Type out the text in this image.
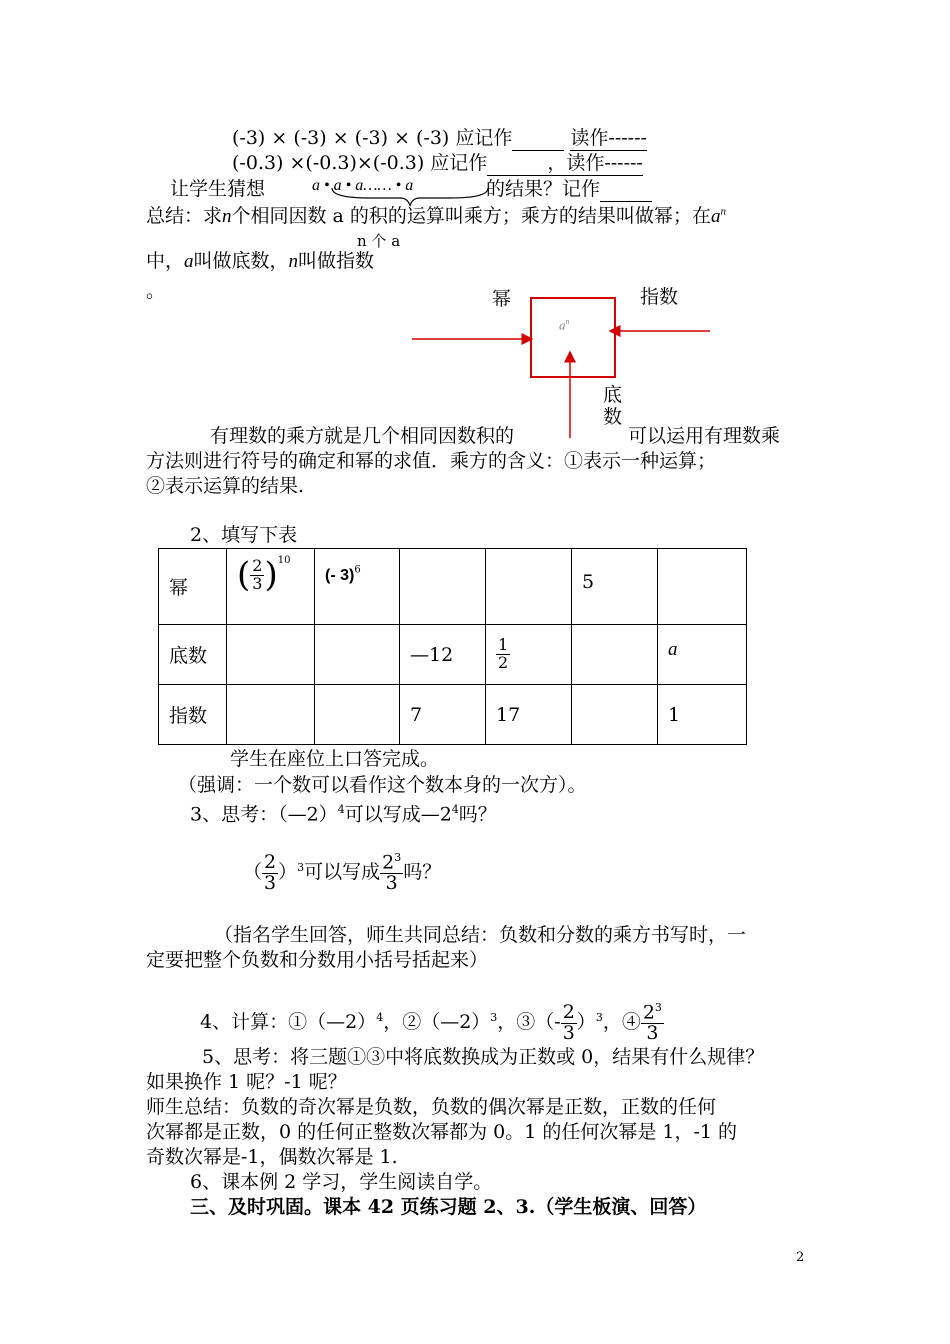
(-3) × (-3) × (-3) × (-3) 应记作	读作------
(-0.3) ×(-0.3)×(-0.3) 应记作	，读作------
让学生猜想	a • a • a…… • a	的结果？记作
总结：求n个相同因数 a 的积的运算叫乘方；乘方的结果叫做幂；在$a^n$
n 个 a
中，a叫做底数，n叫做指数
。	幂	指数
$a^n$
底数
有理数的乘方就是几个相同因数积的	可以运用有理数乘
方法则进行符号的确定和幂的求值．乘方的含义：①表示一种运算；
②表示运算的结果.
2、填写下表
幂	( $\frac{2}{3} )^{10}$	(- 3)$^6$			5	
底数			—12	$\frac{1}{2}$		a
指数			7	17		1
学生在座位上口答完成。
（强调：一个数可以看作这个数本身的一次方）。
3、思考：（—2）$^4$可以写成$—2^4$吗？
（ $\frac{2}{3} )^3$可以写成 $\frac{2^3}{3}$ 吗？
（指名学生回答，师生共同总结：负数和分数的乘方书写时，一
定要把整个负数和分数用小括号括起来）
4、计算：①（—2）$^4$，②（—2）$^3$，③（- $\frac{2}{3} )^3$，④ $\frac{2^3}{3}$
5、思考：将三题①③中将底数换成为正数或 0，结果有什么规律？
如果换作 1 呢？-1 呢？
师生总结：负数的奇次幂是负数，负数的偶次幂是正数，正数的任何
次幂都是正数，0 的任何正整数次幂都为 0。1 的任何次幂是 1，-1 的
奇数次幂是-1，偶数次幂是 1.
6、课本例 2 学习，学生阅读自学。
三、及时巩固。课本 42 页练习题 2、3.（学生板演、回答）
2
